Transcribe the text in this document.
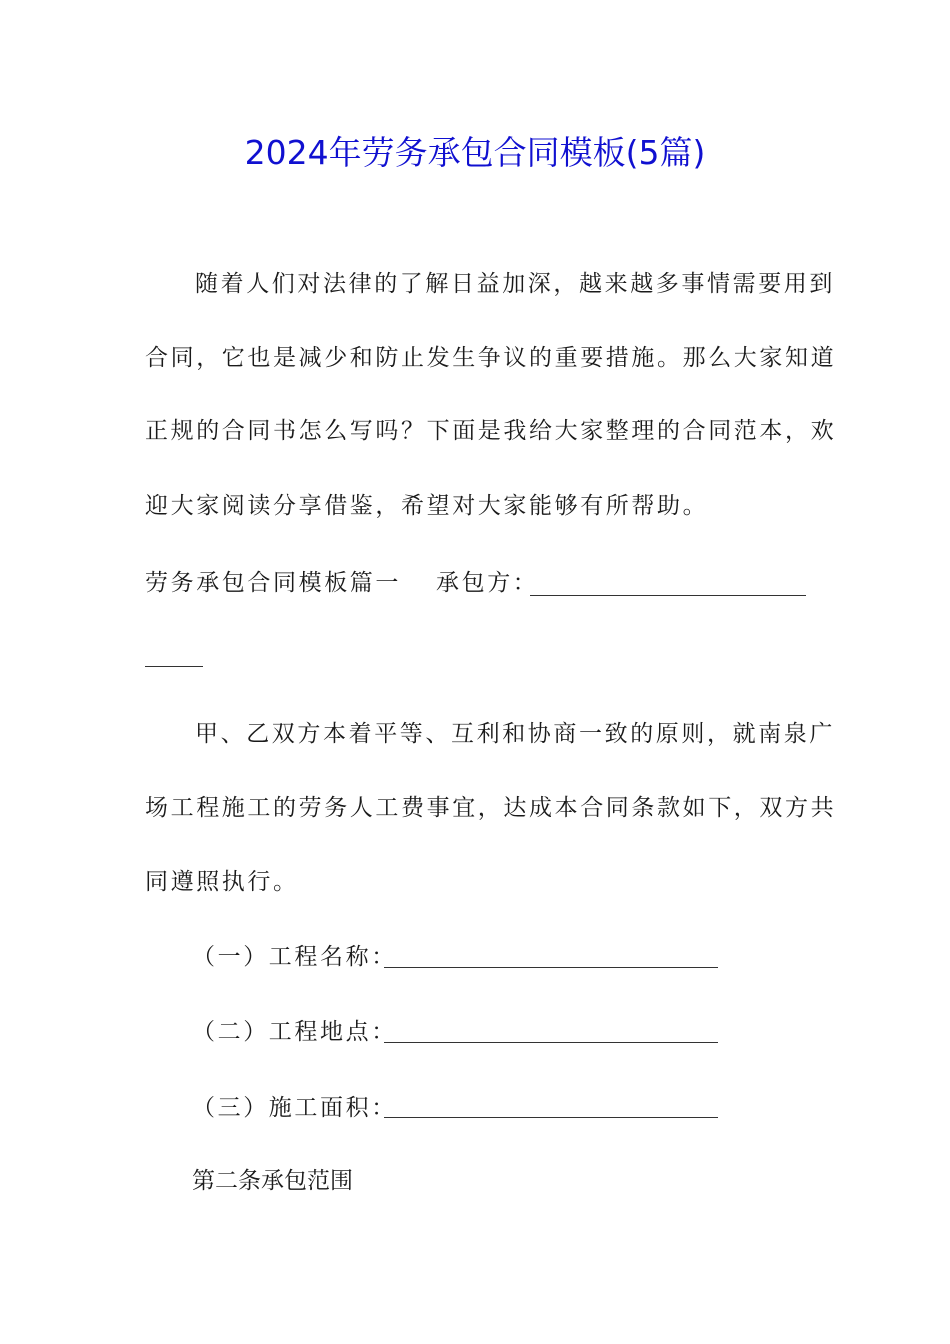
2024年劳务承包合同模板(5篇)
随着人们对法律的了解日益加深，越来越多事情需要用到
合同，它也是减少和防止发生争议的重要措施。那么大家知道
正规的合同书怎么写吗？下面是我给大家整理的合同范本，欢
迎大家阅读分享借鉴，希望对大家能够有所帮助。
劳务承包合同模板篇一 承包方：
甲、乙双方本着平等、互利和协商一致的原则，就南泉广
场工程施工的劳务人工费事宜，达成本合同条款如下，双方共
同遵照执行。
（一）工程名称：
（二）工程地点：
（三）施工面积：
第二条承包范围
